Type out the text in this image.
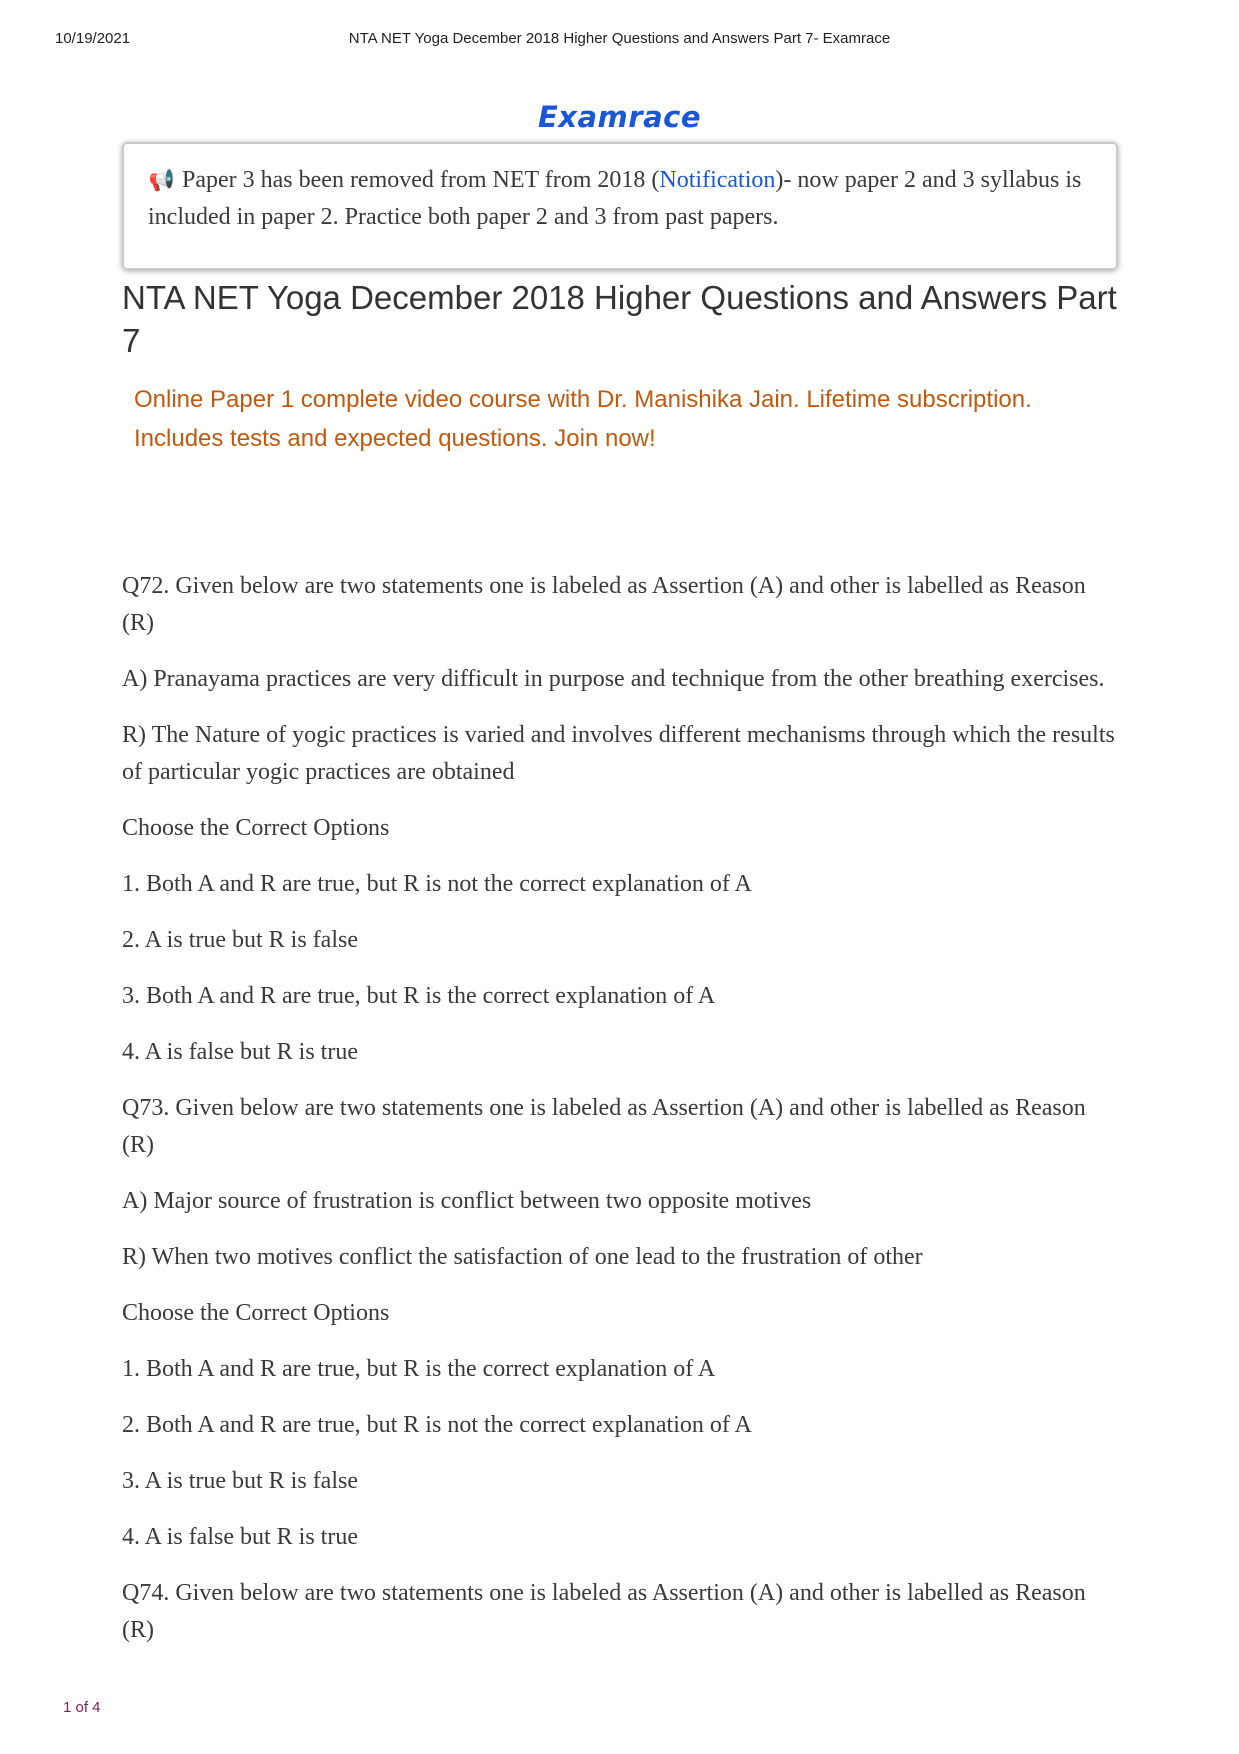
10/19/2021	NTA NET Yoga December 2018 Higher Questions and Answers Part 7- Examrace
Examrace
📢 Paper 3 has been removed from NET from 2018 (Notification)- now paper 2 and 3 syllabus is included in paper 2. Practice both paper 2 and 3 from past papers.
NTA NET Yoga December 2018 Higher Questions and Answers Part 7
Online Paper 1 complete video course with Dr. Manishika Jain. Lifetime subscription. Includes tests and expected questions. Join now!

Q72. Given below are two statements one is labeled as Assertion (A) and other is labelled as Reason (R)

A) Pranayama practices are very difficult in purpose and technique from the other breathing exercises.

R) The Nature of yogic practices is varied and involves different mechanisms through which the results of particular yogic practices are obtained

Choose the Correct Options

1. Both A and R are true, but R is not the correct explanation of A

2. A is true but R is false

3. Both A and R are true, but R is the correct explanation of A

4. A is false but R is true

Q73. Given below are two statements one is labeled as Assertion (A) and other is labelled as Reason (R)

A) Major source of frustration is conflict between two opposite motives

R) When two motives conflict the satisfaction of one lead to the frustration of other

Choose the Correct Options

1. Both A and R are true, but R is the correct explanation of A

2. Both A and R are true, but R is not the correct explanation of A

3. A is true but R is false

4. A is false but R is true

Q74. Given below are two statements one is labeled as Assertion (A) and other is labelled as Reason (R)

1 of 4
